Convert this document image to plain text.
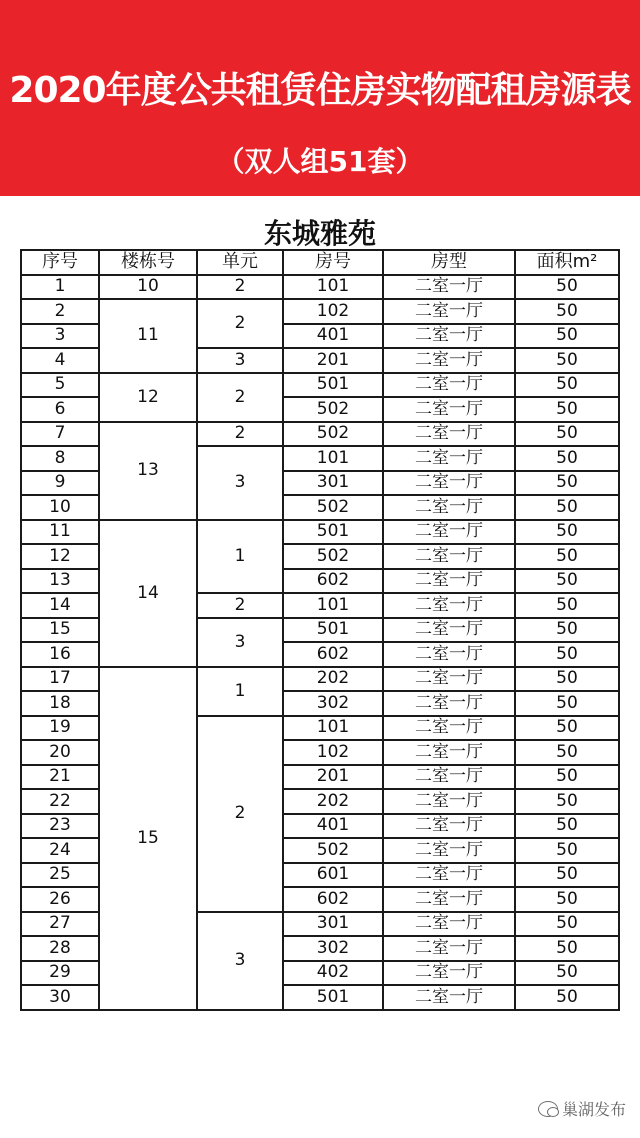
2020年度公共租赁住房实物配租房源表
（双人组51套）
东城雅苑
序号	楼栋号	单元	房号	房型	面积m²
1	10	2	101	二室一厅	50
2	11	2	102	二室一厅	50
3			401	二室一厅	50
4		3	201	二室一厅	50
5	12	2	501	二室一厅	50
6			502	二室一厅	50
7	13	2	502	二室一厅	50
8		3	101	二室一厅	50
9			301	二室一厅	50
10			502	二室一厅	50
11	14	1	501	二室一厅	50
12			502	二室一厅	50
13			602	二室一厅	50
14		2	101	二室一厅	50
15		3	501	二室一厅	50
16			602	二室一厅	50
17	15	1	202	二室一厅	50
18			302	二室一厅	50
19		2	101	二室一厅	50
20			102	二室一厅	50
21			201	二室一厅	50
22			202	二室一厅	50
23			401	二室一厅	50
24			502	二室一厅	50
25			601	二室一厅	50
26			602	二室一厅	50
27		3	301	二室一厅	50
28			302	二室一厅	50
29			402	二室一厅	50
30			501	二室一厅	50
巢湖发布
